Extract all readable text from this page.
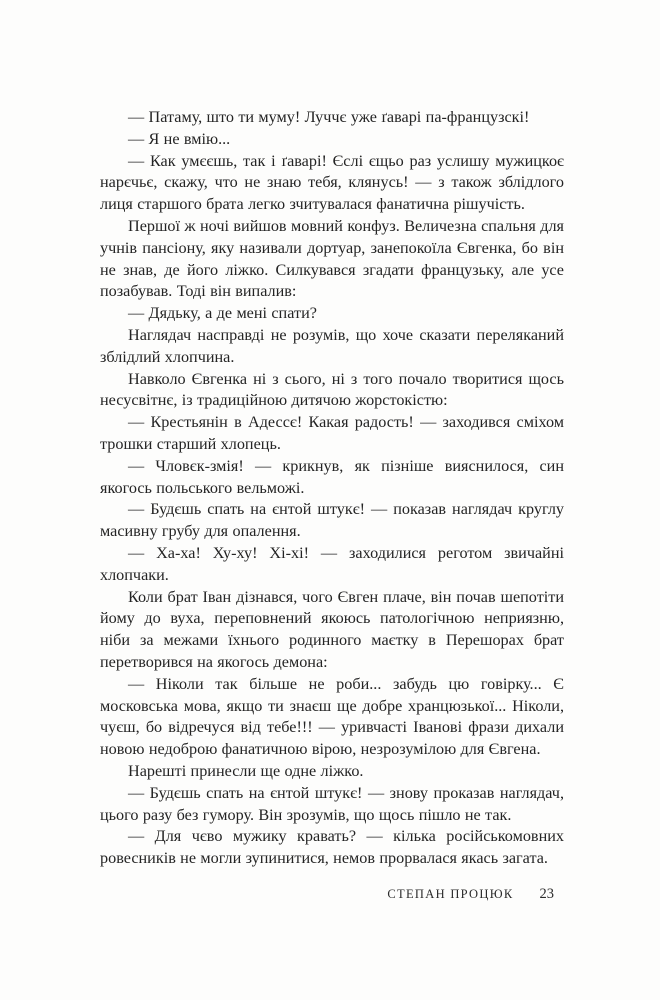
— Патаму, што ти муму! Луччє уже ґаварі па-французскі!

— Я не вмію...

— Как умєєшь, так і ґаварі! Єслі єщьо раз услишу мужицкоє нарєчьє, скажу, что не знаю тебя, клянусь! — з також зблідлого лиця старшого брата легко зчитувалася фанатична рішучість.

Першої ж ночі вийшов мовний конфуз. Величезна спальня для учнів пансіону, яку називали дортуар, занепокоїла Євгенка, бо він не знав, де його ліжко. Силкувався згадати французьку, але усе позабував. Тоді він випалив:

— Дядьку, а де мені спати?

Наглядач насправді не розумів, що хоче сказати переляканий зблідлий хлопчина.

Навколо Євгенка ні з сього, ні з того почало творитися щось несусвітнє, із традиційною дитячою жорстокістю:

— Крестьянін в Адессє! Какая радость! — заходився сміхом трошки старший хлопець.

— Чловєк-змія! — крикнув, як пізніше вияснилося, син якогось польського вельможі.

— Будєшь спать на єнтой штукє! — показав наглядач круглу масивну грубу для опалення.

— Ха-ха! Ху-ху! Хі-хі! — заходилися реготом звичайні хлопчаки.

Коли брат Іван дізнався, чого Євген плаче, він почав шепотіти йому до вуха, переповнений якоюсь патологічною неприязню, ніби за межами їхнього родинного маєтку в Перешорах брат перетворився на якогось демона:

— Ніколи так більше не роби... забудь цю говірку... Є московська мова, якщо ти знаєш ще добре хранцюзької... Ніколи, чуєш, бо відречуся від тебе!!! — уривчасті Іванові фрази дихали новою недоброю фанатичною вірою, незрозумілою для Євгена.

Нарешті принесли ще одне ліжко.

— Будєшь спать на єнтой штукє! — знову проказав наглядач, цього разу без гумору. Він зрозумів, що щось пішло не так.

— Для чєво мужику кравать? — кілька російськомовних ровесників не могли зупинитися, немов прорвалася якась загата.

СТЕПАН ПРОЦЮК 23
